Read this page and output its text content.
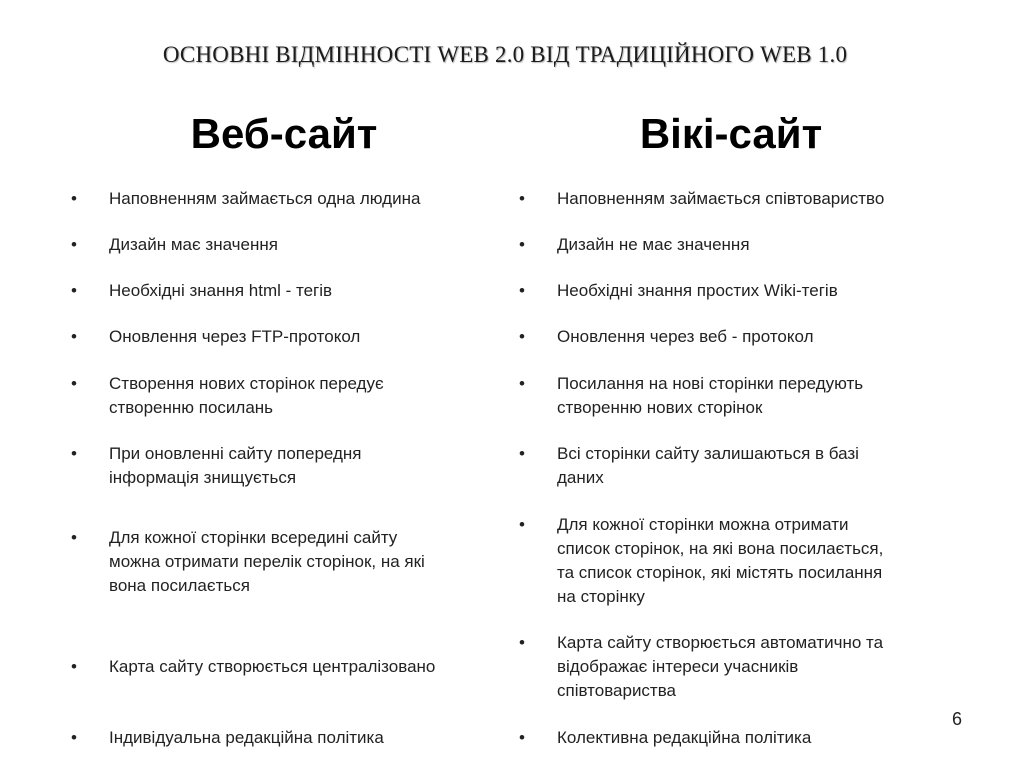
ОСНОВНІ ВІДМІННОСТІ WEB 2.0 ВІД ТРАДИЦІЙНОГО WEB 1.0
Веб-сайт	Вікі-сайт
• Наповненням займається одна людина
• Дизайн має значення
• Необхідні знання html - тегів
• Оновлення через FTP-протокол
• Створення нових сторінок передує
створенню посилань
• При оновленні сайту попередня
інформація знищується
• Для кожної сторінки всередині сайту
можна отримати перелік сторінок, на які
вона посилається
• Карта сайту створюється централізовано
• Індивідуальна редакційна політика
• Наповненням займається співтовариство
• Дизайн не має значення
• Необхідні знання простих Wiki-тегів
• Оновлення через веб - протокол
• Посилання на нові сторінки передують
створенню нових сторінок
• Всі сторінки сайту залишаються в базі
даних
• Для кожної сторінки можна отримати
список сторінок, на які вона посилається,
та список сторінок, які містять посилання
на сторінку
• Карта сайту створюється автоматично та
відображає інтереси учасників
співтовариства
• Колективна редакційна політика
6
